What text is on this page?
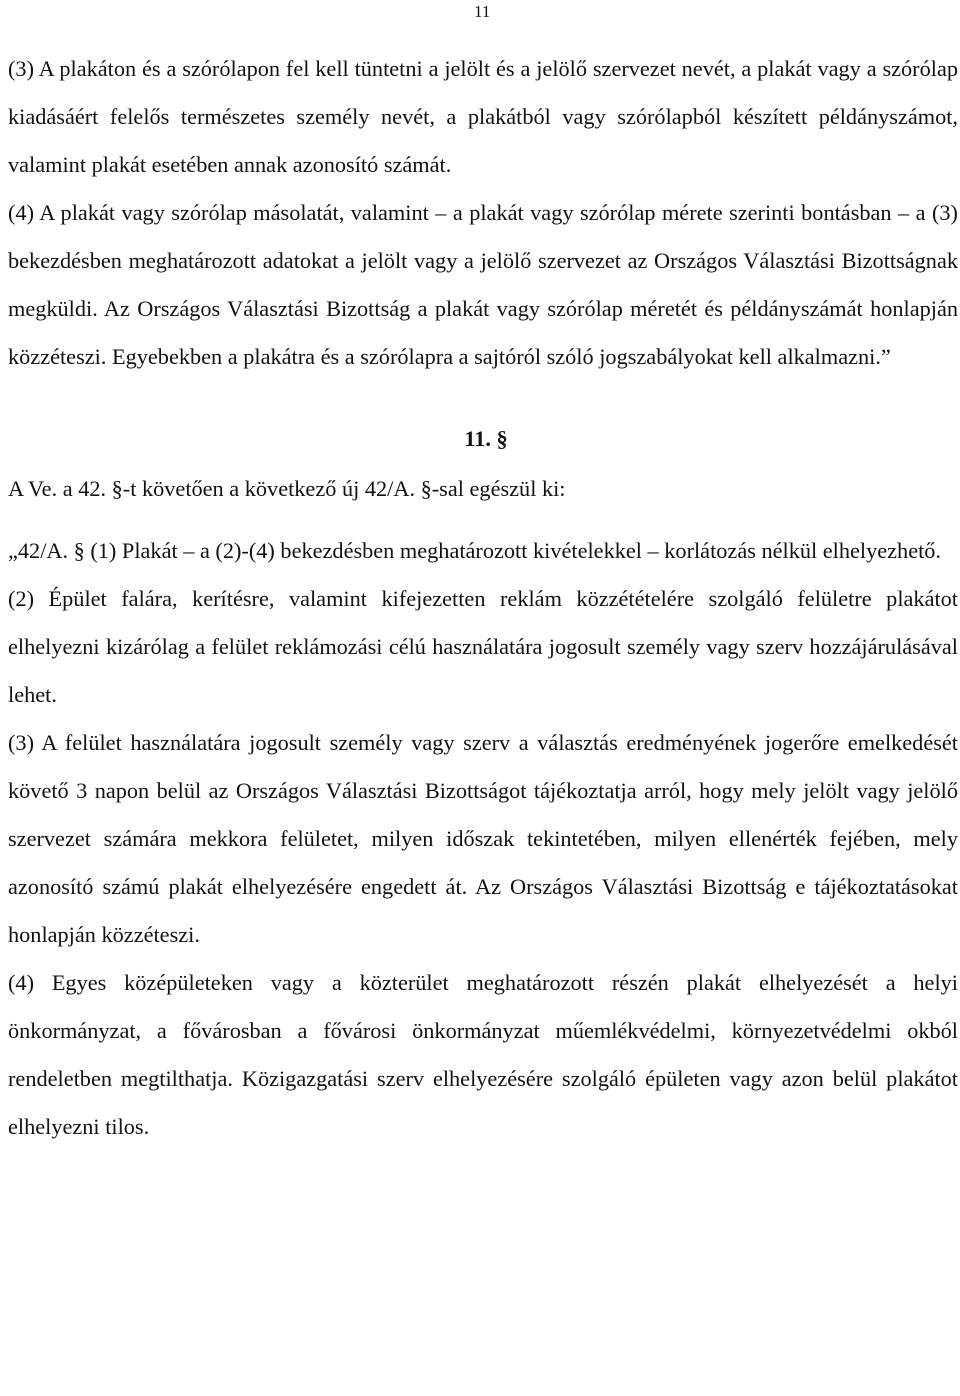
11

(3) A plakáton és a szórólapon fel kell tüntetni a jelölt és a jelölő szervezet nevét, a plakát vagy a szórólap kiadásáért felelős természetes személy nevét, a plakátból vagy szórólapból készített példányszámot, valamint plakát esetében annak azonosító számát.

(4) A plakát vagy szórólap másolatát, valamint – a plakát vagy szórólap mérete szerinti bontásban – a (3) bekezdésben meghatározott adatokat a jelölt vagy a jelölő szervezet az Országos Választási Bizottságnak megküldi. Az Országos Választási Bizottság a plakát vagy szórólap méretét és példányszámát honlapján közzéteszi. Egyebekben a plakátra és a szórólapra a sajtóról szóló jogszabályokat kell alkalmazni.”

11. §

A Ve. a 42. §-t követően a következő új 42/A. §-sal egészül ki:

„42/A. § (1) Plakát – a (2)-(4) bekezdésben meghatározott kivételekkel – korlátozás nélkül elhelyezhető.

(2) Épület falára, kerítésre, valamint kifejezetten reklám közzétételére szolgáló felületre plakátot elhelyezni kizárólag a felület reklámozási célú használatára jogosult személy vagy szerv hozzájárulásával lehet.

(3) A felület használatára jogosult személy vagy szerv a választás eredményének jogerőre emelkedését követő 3 napon belül az Országos Választási Bizottságot tájékoztatja arról, hogy mely jelölt vagy jelölő szervezet számára mekkora felületet, milyen időszak tekintetében, milyen ellenérték fejében, mely azonosító számú plakát elhelyezésére engedett át. Az Országos Választási Bizottság e tájékoztatásokat honlapján közzéteszi.

(4) Egyes középületeken vagy a közterület meghatározott részén plakát elhelyezését a helyi önkormányzat, a fővárosban a fővárosi önkormányzat műemlékvédelmi, környezetvédelmi okból rendeletben megtilthatja. Közigazgatási szerv elhelyezésére szolgáló épületen vagy azon belül plakátot elhelyezni tilos.
